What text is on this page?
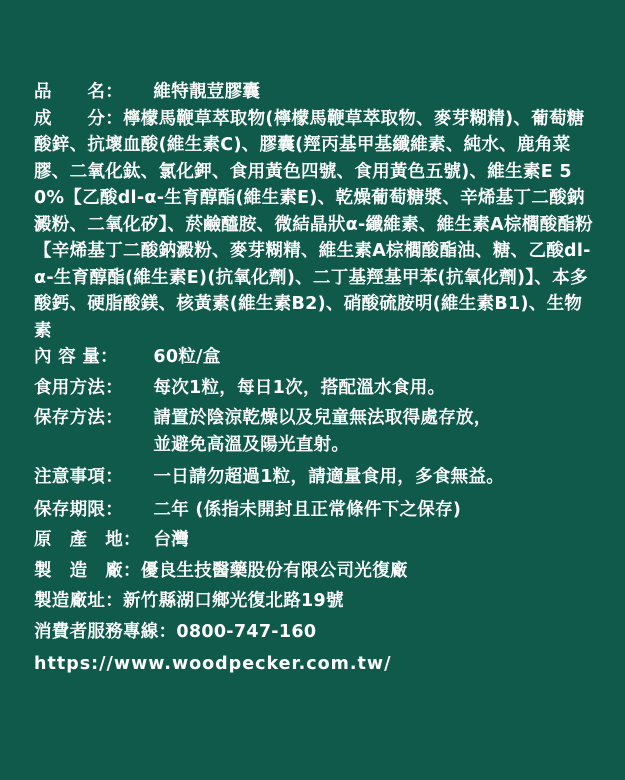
品　　名：	維特靚荳膠囊
成　　分：檸檬馬鞭草萃取物(檸檬馬鞭草萃取物、麥芽糊精)、葡萄糖酸鋅、抗壞血酸(維生素C)、膠囊(羥丙基甲基纖維素、純水、鹿角菜膠、二氧化鈦、氯化鉀、食用黃色四號、食用黃色五號)、維生素E 50%【乙酸dl-α-生育醇酯(維生素E)、乾燥葡萄糖漿、辛烯基丁二酸鈉澱粉、二氧化矽】、菸鹼醯胺、微結晶狀α-纖維素、維生素A棕櫚酸酯粉【辛烯基丁二酸鈉澱粉、麥芽糊精、維生素A棕櫚酸酯油、糖、乙酸dl-α-生育醇酯(維生素E)(抗氧化劑)、二丁基羥基甲苯(抗氧化劑)】、本多酸鈣、硬脂酸鎂、核黃素(維生素B2)、硝酸硫胺明(維生素B1)、生物素
內 容 量：	60粒/盒
食用方法：	每次1粒，每日1次，搭配溫水食用。
保存方法：	請置於陰涼乾燥以及兒童無法取得處存放，
並避免高溫及陽光直射。
注意事項：	一日請勿超過1粒，請適量食用，多食無益。
保存期限：	二年 (係指未開封且正常條件下之保存)
原　產　地： 台灣
製　造　廠： 優良生技醫藥股份有限公司光復廠
製造廠址： 新竹縣湖口鄉光復北路19號
消費者服務專線： 0800-747-160
https://www.woodpecker.com.tw/
